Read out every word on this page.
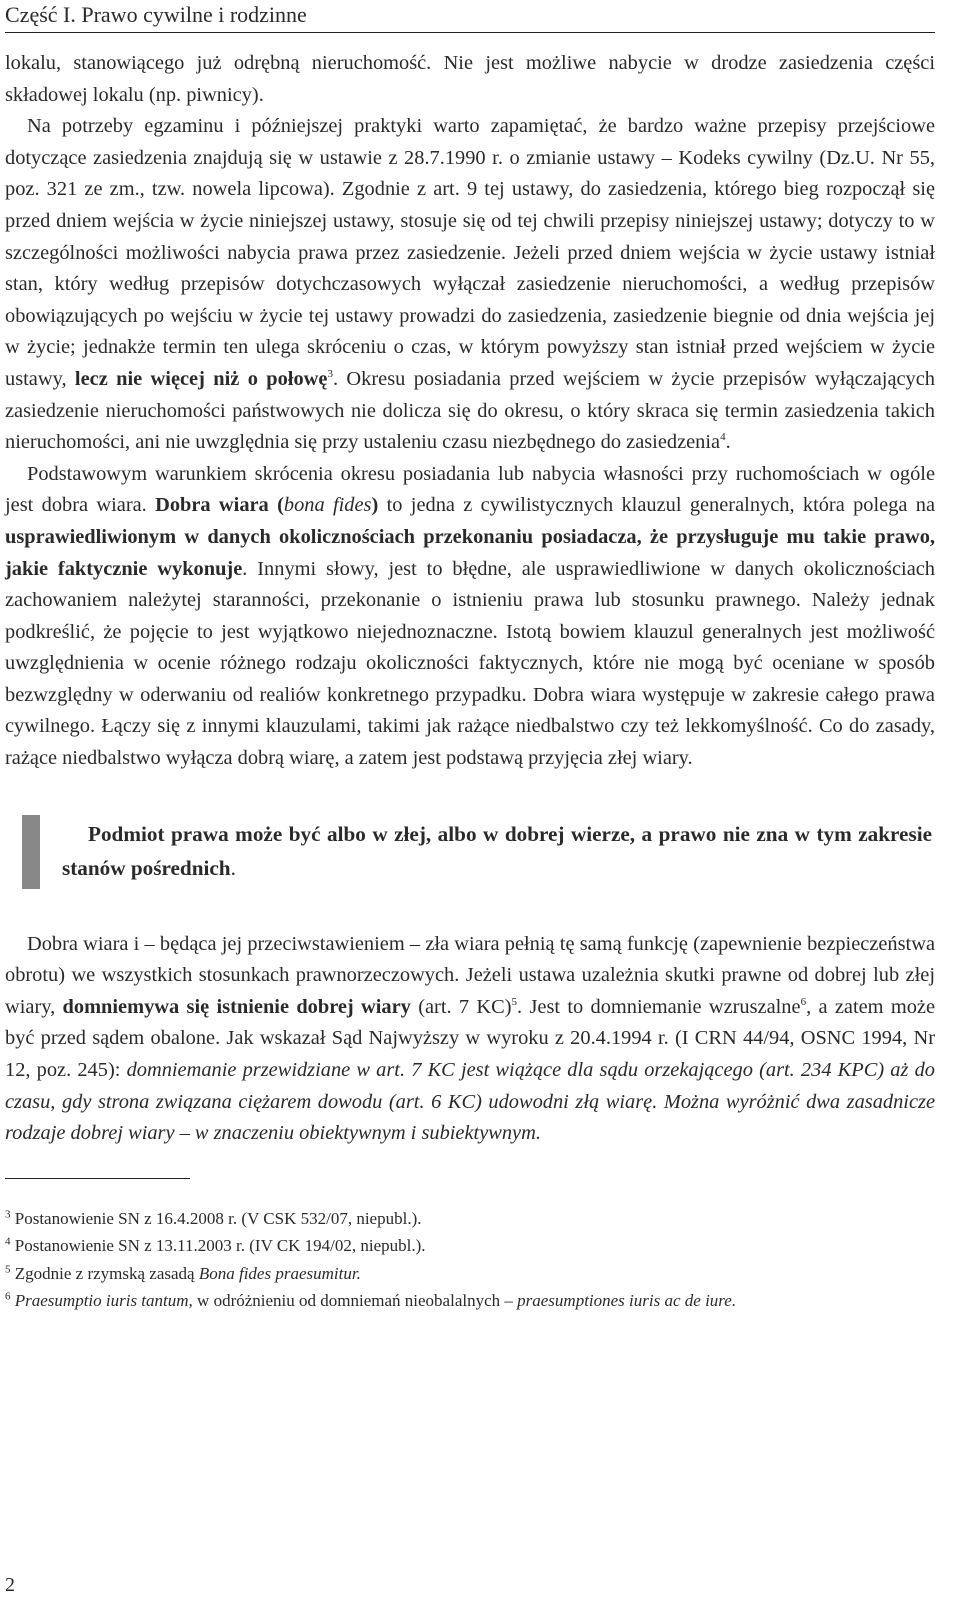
Część I. Prawo cywilne i rodzinne

lokalu, stanowiącego już odrębną nieruchomość. Nie jest możliwe nabycie w drodze zasiedzenia części składowej lokalu (np. piwnicy).

Na potrzeby egzaminu i późniejszej praktyki warto zapamiętać, że bardzo ważne przepisy przejściowe dotyczące zasiedzenia znajdują się w ustawie z 28.7.1990 r. o zmianie ustawy – Kodeks cywilny (Dz.U. Nr 55, poz. 321 ze zm., tzw. nowela lipcowa). Zgodnie z art. 9 tej ustawy, do zasiedzenia, którego bieg rozpoczął się przed dniem wejścia w życie niniejszej ustawy, stosuje się od tej chwili przepisy niniejszej ustawy; dotyczy to w szczególności możliwości nabycia prawa przez zasiedzenie. Jeżeli przed dniem wejścia w życie ustawy istniał stan, który według przepisów dotychczasowych wyłączał zasiedzenie nieruchomości, a według przepisów obowiązujących po wejściu w życie tej ustawy prowadzi do zasiedzenia, zasiedzenie biegnie od dnia wejścia jej w życie; jednakże termin ten ulega skróceniu o czas, w którym powyższy stan istniał przed wejściem w życie ustawy, lecz nie więcej niż o połowę$^3$. Okresu posiadania przed wejściem w życie przepisów wyłączających zasiedzenie nieruchomości państwowych nie dolicza się do okresu, o który skraca się termin zasiedzenia takich nieruchomości, ani nie uwzględnia się przy ustaleniu czasu niezbędnego do zasiedzenia$^4$.

Podstawowym warunkiem skrócenia okresu posiadania lub nabycia własności przy ruchomościach w ogóle jest dobra wiara. Dobra wiara (bona fides) to jedna z cywilistycznych klauzul generalnych, która polega na usprawiedliwionym w danych okolicznościach przekonaniu posiadacza, że przysługuje mu takie prawo, jakie faktycznie wykonuje. Innymi słowy, jest to błędne, ale usprawiedliwione w danych okolicznościach zachowaniem należytej staranności, przekonanie o istnieniu prawa lub stosunku prawnego. Należy jednak podkreślić, że pojęcie to jest wyjątkowo niejednoznaczne. Istotą bowiem klauzul generalnych jest możliwość uwzględnienia w ocenie różnego rodzaju okoliczności faktycznych, które nie mogą być oceniane w sposób bezwzględny w oderwaniu od realiów konkretnego przypadku. Dobra wiara występuje w zakresie całego prawa cywilnego. Łączy się z innymi klauzulami, takimi jak rażące niedbalstwo czy też lekkomyślność. Co do zasady, rażące niedbalstwo wyłącza dobrą wiarę, a zatem jest podstawą przyjęcia złej wiary.

Podmiot prawa może być albo w złej, albo w dobrej wierze, a prawo nie zna w tym zakresie stanów pośrednich.

Dobra wiara i – będąca jej przeciwstawieniem – zła wiara pełnią tę samą funkcję (zapewnienie bezpieczeństwa obrotu) we wszystkich stosunkach prawnorzeczowych. Jeżeli ustawa uzależnia skutki prawne od dobrej lub złej wiary, domniemywa się istnienie dobrej wiary (art. 7 KC)$^5$. Jest to domniemanie wzruszalne$^6$, a zatem może być przed sądem obalone. Jak wskazał Sąd Najwyższy w wyroku z 20.4.1994 r. (I CRN 44/94, OSNC 1994, Nr 12, poz. 245): domniemanie przewidziane w art. 7 KC jest wiążące dla sądu orzekającego (art. 234 KPC) aż do czasu, gdy strona związana ciężarem dowodu (art. 6 KC) udowodni złą wiarę. Można wyróżnić dwa zasadnicze rodzaje dobrej wiary – w znaczeniu obiektywnym i subiektywnym.

$^3$ Postanowienie SN z 16.4.2008 r. (V CSK 532/07, niepubl.).
$^4$ Postanowienie SN z 13.11.2003 r. (IV CK 194/02, niepubl.).
$^5$ Zgodnie z rzymską zasadą Bona fides praesumitur.
$^6$ Praesumptio iuris tantum, w odróżnieniu od domniemań nieobalalnych – praesumptiones iuris ac de iure.
2
